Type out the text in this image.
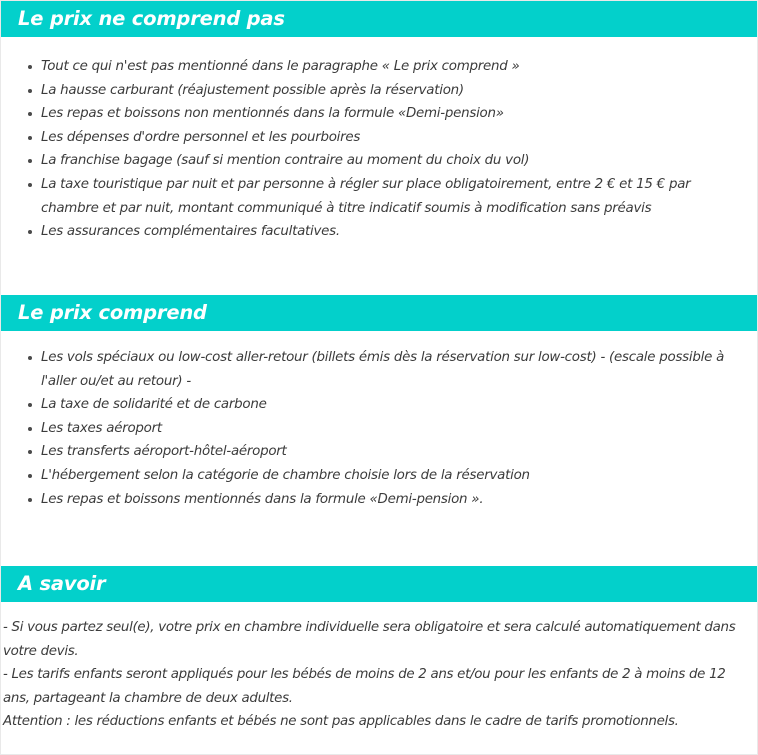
Le prix ne comprend pas
Tout ce qui n'est pas mentionné dans le paragraphe « Le prix comprend »
La hausse carburant (réajustement possible après la réservation)
Les repas et boissons non mentionnés dans la formule «Demi-pension»
Les dépenses d'ordre personnel et les pourboires
La franchise bagage (sauf si mention contraire au moment du choix du vol)
La taxe touristique par nuit et par personne à régler sur place obligatoirement, entre 2 € et 15 € par chambre et par nuit, montant communiqué à titre indicatif soumis à modification sans préavis
Les assurances complémentaires facultatives.
Le prix comprend
Les vols spéciaux ou low-cost aller-retour (billets émis dès la réservation sur low-cost) - (escale possible à l'aller ou/et au retour) -
La taxe de solidarité et de carbone
Les taxes aéroport
Les transferts aéroport-hôtel-aéroport
L'hébergement selon la catégorie de chambre choisie lors de la réservation
Les repas et boissons mentionnés dans la formule «Demi-pension ».
A savoir

- Si vous partez seul(e), votre prix en chambre individuelle sera obligatoire et sera calculé automatiquement dans votre devis.

- Les tarifs enfants seront appliqués pour les bébés de moins de 2 ans et/ou pour les enfants de 2 à moins de 12 ans, partageant la chambre de deux adultes.

Attention : les réductions enfants et bébés ne sont pas applicables dans le cadre de tarifs promotionnels.
